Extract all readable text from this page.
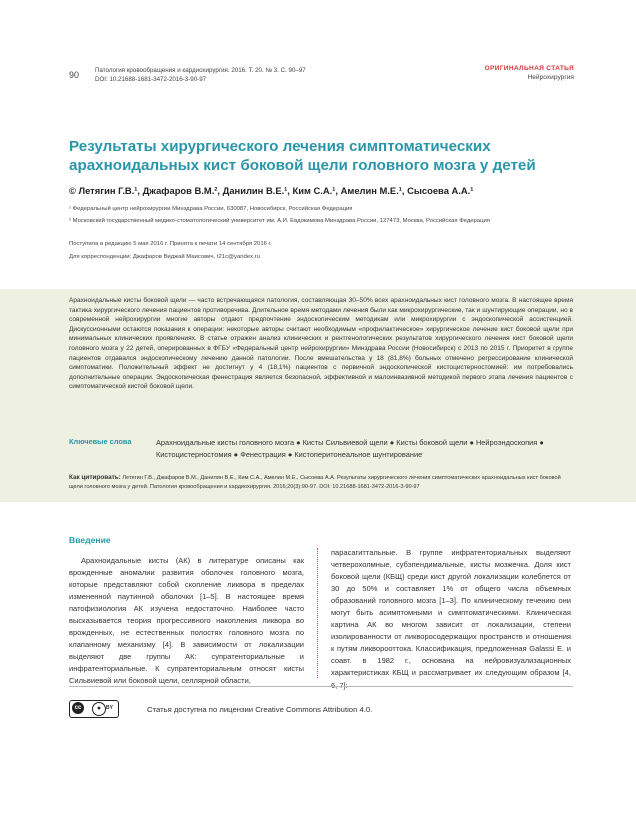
90	Патология кровообращения и кардиохирургия. 2016. Т. 20. № 3. С. 90–97
DOI: 10.21688-1681-3472-2016-3-90-97
ОРИГИНАЛЬНАЯ СТАТЬЯ
Нейрохирургия
Результаты хирургического лечения симптоматических арахноидальных кист боковой щели головного мозга у детей
© Летягин Г.В.¹, Джафаров В.М.², Данилин В.Е.¹, Ким С.А.¹, Амелин М.Е.¹, Сысоева А.А.¹
¹ Федеральный центр нейрохирургии Минздрава России, 630087, Новосибирск, Российская Федерация
² Московский государственный медико-стоматологический университет им. А.И. Евдокимова Минздрава России, 127473, Москва, Российская Федерация
Поступила в редакцию 5 мая 2016 г. Принята к печати 14 сентября 2016 г.
Для корреспонденции: Джафаров Виджай Маисович, t21c@yandex.ru
Арахноидальные кисты боковой щели — часто встречающаяся патология, составляющая 30–50% всех арахноидальных кист головного мозга. В настоящее время тактика хирургического лечения пациентов противоречива. Длительное время методами лечения были как микрохирургические, так и шунтирующие операции, но в современной нейрохирургии многие авторы отдают предпочтение эндоскопическим методикам или микрохирургии с эндоскопической ассистенцией. Дискуссионными остаются показания к операции: некоторые авторы считают необходимым «профилактическое» хирургическое лечение кист боковой щели при минимальных клинических проявлениях. В статье отражен анализ клинических и рентгенологических результатов хирургического лечения кист боковой щели головного мозга у 22 детей, оперированных в ФГБУ «Федеральный центр нейрохирургии» Минздрава России (Новосибирск) с 2013 по 2015 г. Приоритет в группе пациентов отдавался эндоскопическому лечению данной патологии. После вмешательства у 18 (81,8%) больных отмечено регрессирование клинической симптоматики. Положительный эффект не достигнут у 4 (18,1%) пациентов с первичной эндоскопической кистоцистерностомией: им потребовались дополнительные операции. Эндоскопическая фенестрация является безопасной, эффективной и малоинвазивной методикой первого этапа лечения пациентов с симптоматической кистой боковой щели.
Ключевые слова	Арахноидальные кисты головного мозга ● Кисты Сильвиевой щели ● Кисты боковой щели ● Нейроэндоскопия ● Кистоцистерностомия ● Фенестрация ● Кистоперитонеальное шунтирование
Как цитировать: Летягин Г.В., Джафаров В.М., Данилин В.Е., Ким С.А., Амелин М.Е., Сысоева А.А. Результаты хирургического лечения симптоматических арахноидальных кист боковой щели головного мозга у детей. Патология кровообращения и кардиохирургия. 2016;20(3):90-97. DOI: 10.21688-1681-3472-2016-3-90-97
Введение
Арахноидальные кисты (АК) в литературе описаны как врожденные аномалии развития оболочек головного мозга, которые представляют собой скопление ликвора в пределах измененной паутинной оболочки [1–5]. В настоящее время патофизиология АК изучена недостаточно. Наиболее часто высказывается теория прогрессивного накопления ликвора во врожденных, не естественных полостях головного мозга по клапанному механизму [4]. В зависимости от локализации выделяют две группы АК: супратенториальные и инфратенториальные. К супратенториальным относят кисты Сильвиевой или боковой щели, селлярной области,
парасагиттальные. В группе инфратенториальных выделяют четверохолмные, субэпендимальные, кисты мозжечка. Доля кист боковой щели (КБЩ) среди кист другой локализации колеблется от 30 до 50% и составляет 1% от общего числа объемных образований головного мозга [1–3]. По клиническому течению они могут быть асимптомными и симптоматическими. Клиническая картина АК во многом зависит от локализации, степени изолированности от ликворосодержащих пространств и отношения к путям ликворооттока. Классификация, предложенная Galassi E. и соавт. в 1982 г., основана на нейровизуализационных характеристиках КБЩ и рассматривает их следующим образом [4, 6, 7]:
cc	● BY	Статья доступна по лицензии Creative Commons Attribution 4.0.
